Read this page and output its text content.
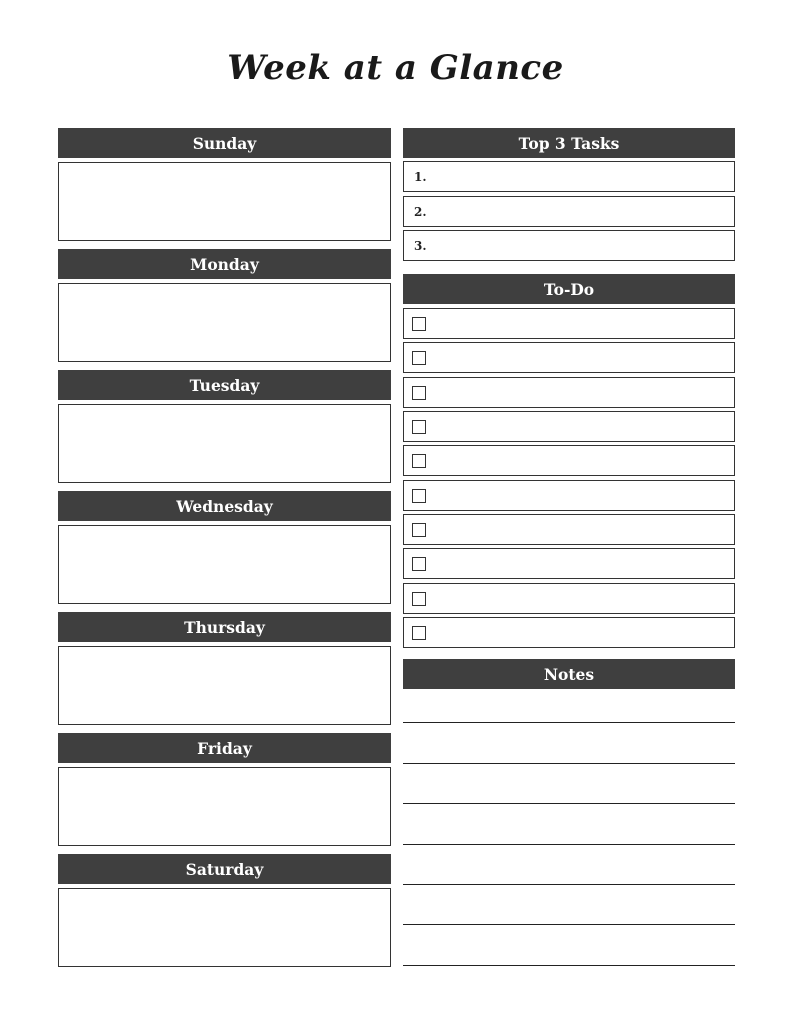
Week at a Glance
Sunday
Monday
Tuesday
Wednesday
Thursday
Friday
Saturday
Top 3 Tasks
1.
2.
3.
To-Do
Notes
